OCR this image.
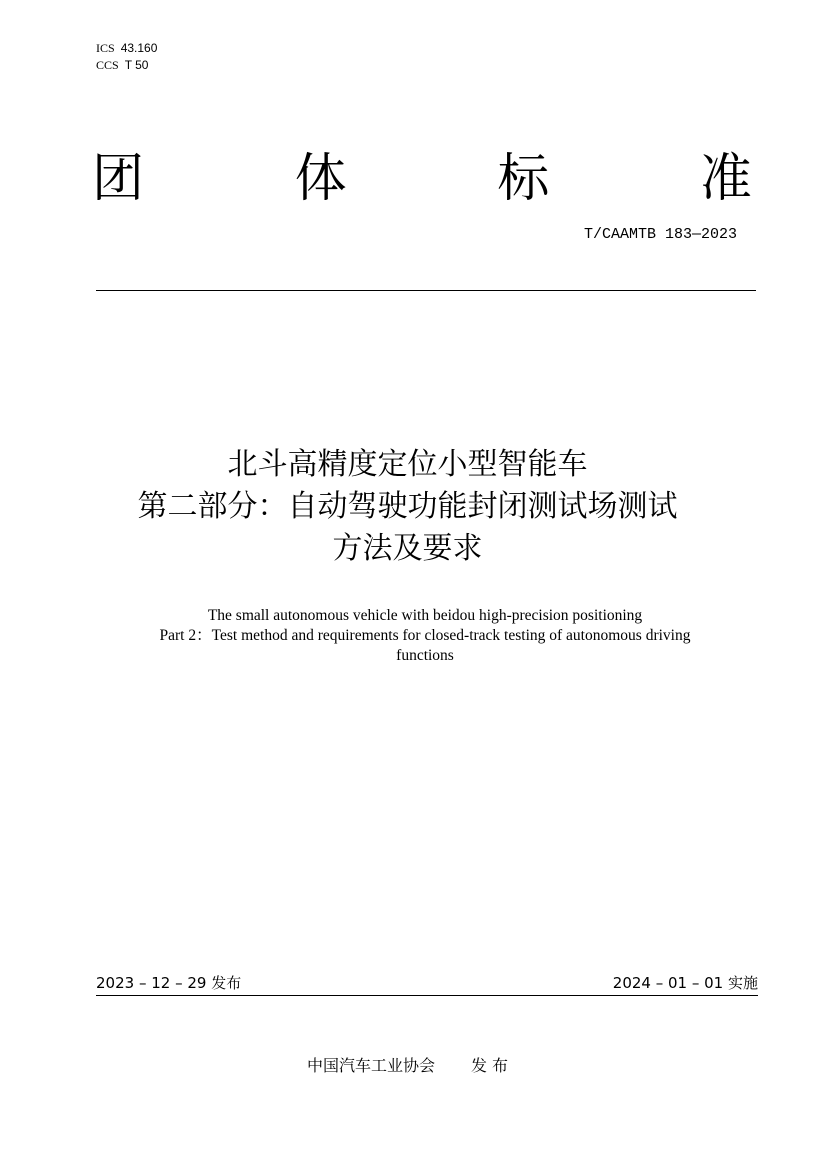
ICS 43.160
CCS T 50
团	体	标	准
T/CAAMTB 183—2023
北斗高精度定位小型智能车
第二部分：自动驾驶功能封闭测试场测试
方法及要求
The small autonomous vehicle with beidou high-precision positioning
Part 2：Test method and requirements for closed-track testing of autonomous driving
functions
2023 – 12 – 29 发布	2024 – 01 – 01 实施
中国汽车工业协会 发 布
